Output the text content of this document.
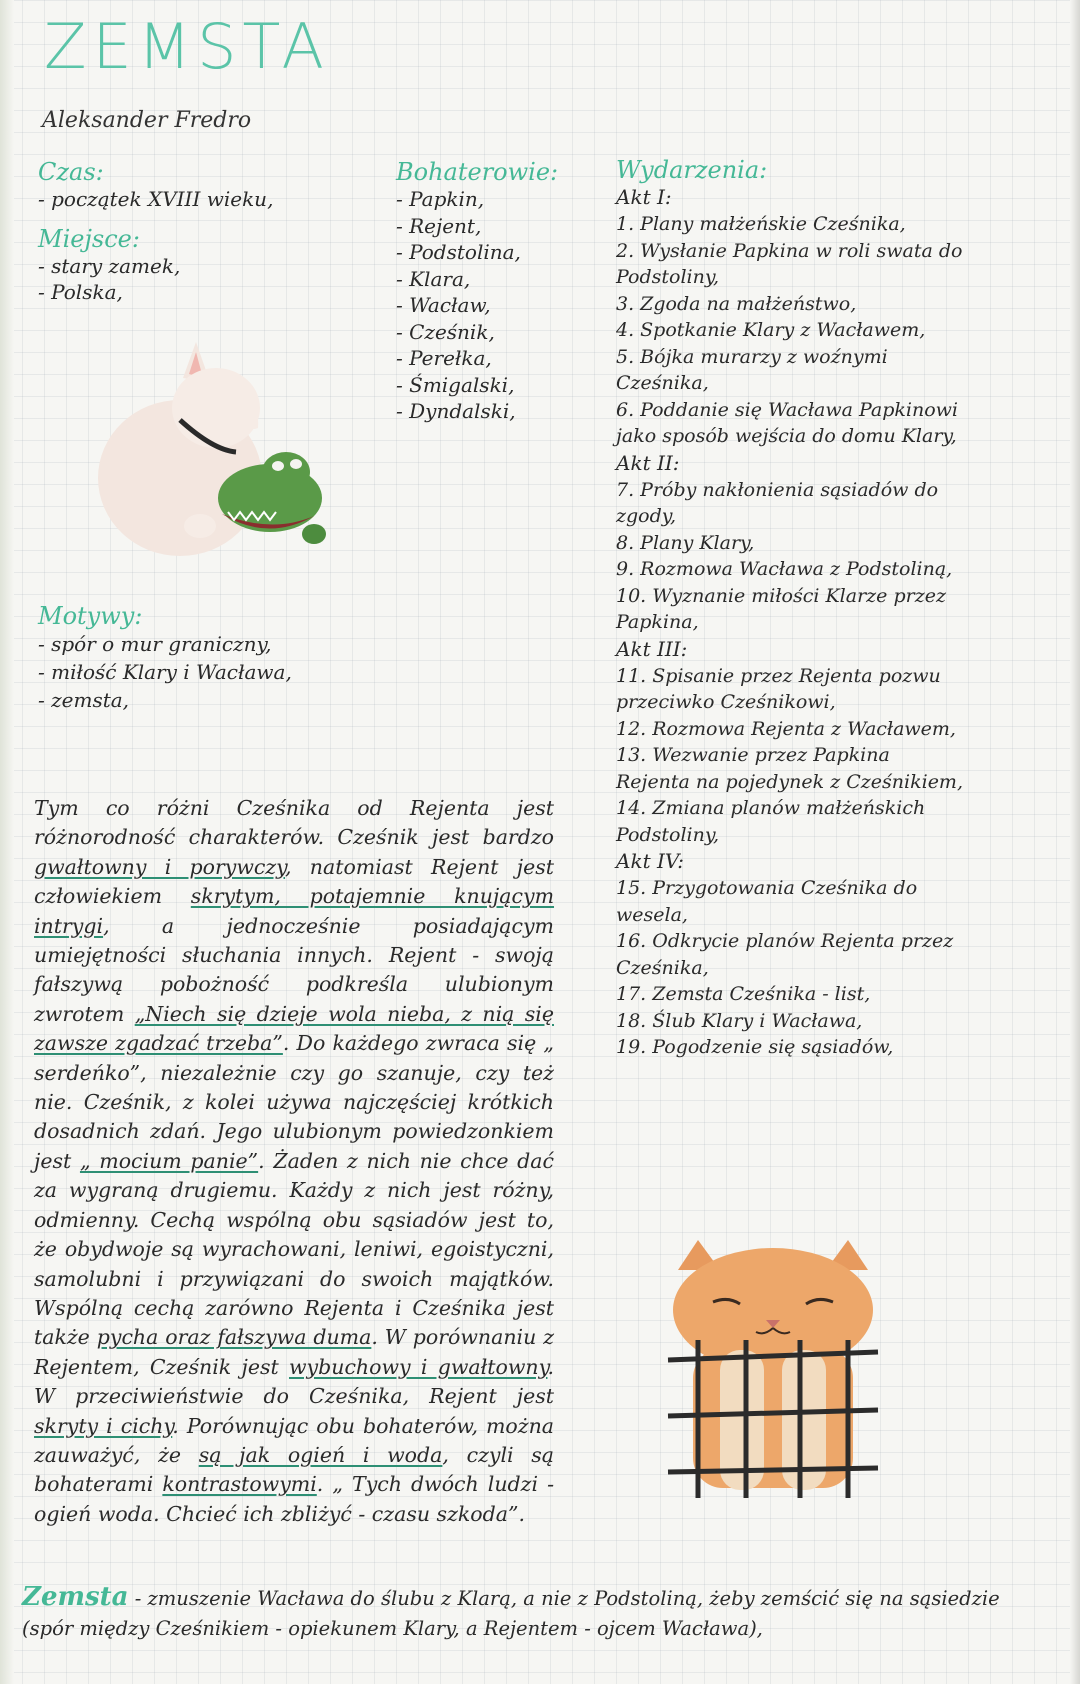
ZEMSTA
Aleksander Fredro
Czas:
- początek XVIII wieku,
Miejsce:
- stary zamek,
- Polska,
Bohaterowie:
- Papkin,
- Rejent,
- Podstolina,
- Klara,
- Wacław,
- Cześnik,
- Perełka,
- Śmigalski,
- Dyndalski,
Wydarzenia:
Akt I:
1. Plany małżeńskie Cześnika,
2. Wysłanie Papkina w roli swata do Podstoliny,
3. Zgoda na małżeństwo,
4. Spotkanie Klary z Wacławem,
5. Bójka murarzy z woźnymi Cześnika,
6. Poddanie się Wacława Papkinowi jako sposób wejścia do domu Klary,
Akt II:
7. Próby nakłonienia sąsiadów do zgody,
8. Plany Klary,
9. Rozmowa Wacława z Podstoliną,
10. Wyznanie miłości Klarze przez Papkina,
Akt III:
11. Spisanie przez Rejenta pozwu przeciwko Cześnikowi,
12. Rozmowa Rejenta z Wacławem,
13. Wezwanie przez Papkina Rejenta na pojedynek z Cześnikiem,
14. Zmiana planów małżeńskich Podstoliny,
Akt IV:
15. Przygotowania Cześnika do wesela,
16. Odkrycie planów Rejenta przez Cześnika,
17. Zemsta Cześnika - list,
18. Ślub Klary i Wacława,
19. Pogodzenie się sąsiadów,
Motywy:
- spór o mur graniczny,
- miłość Klary i Wacława,
- zemsta,
Tym co różni Cześnika od Rejenta jest różnorodność charakterów. Cześnik jest bardzo gwałtowny i porywczy, natomiast Rejent jest człowiekiem skrytym, potajemnie knującym intrygi, a jednocześnie posiadającym umiejętności słuchania innych. Rejent - swoją fałszywą pobożność podkreśla ulubionym zwrotem „Niech się dzieje wola nieba, z nią się zawsze zgadzać trzeba”. Do każdego zwraca się „ serdeńko”, niezależnie czy go szanuje, czy też nie. Cześnik, z kolei używa najczęściej krótkich dosadnich zdań. Jego ulubionym powiedzonkiem jest „ mocium panie”. Żaden z nich nie chce dać za wygraną drugiemu. Każdy z nich jest różny, odmienny. Cechą wspólną obu sąsiadów jest to, że obydwoje są wyrachowani, leniwi, egoistyczni, samolubni i przywiązani do swoich majątków. Wspólną cechą zarówno Rejenta i Cześnika jest także pycha oraz fałszywa duma. W porównaniu z Rejentem, Cześnik jest wybuchowy i gwałtowny. W przeciwieństwie do Cześnika, Rejent jest skryty i cichy. Porównując obu bohaterów, można zauważyć, że są jak ogień i woda, czyli są bohaterami kontrastowymi. „ Tych dwóch ludzi - ogień woda. Chcieć ich zbliżyć - czasu szkoda”.
Zemsta - zmuszenie Wacława do ślubu z Klarą, a nie z Podstoliną, żeby zemścić się na sąsiedzie (spór między Cześnikiem - opiekunem Klary, a Rejentem - ojcem Wacława),
